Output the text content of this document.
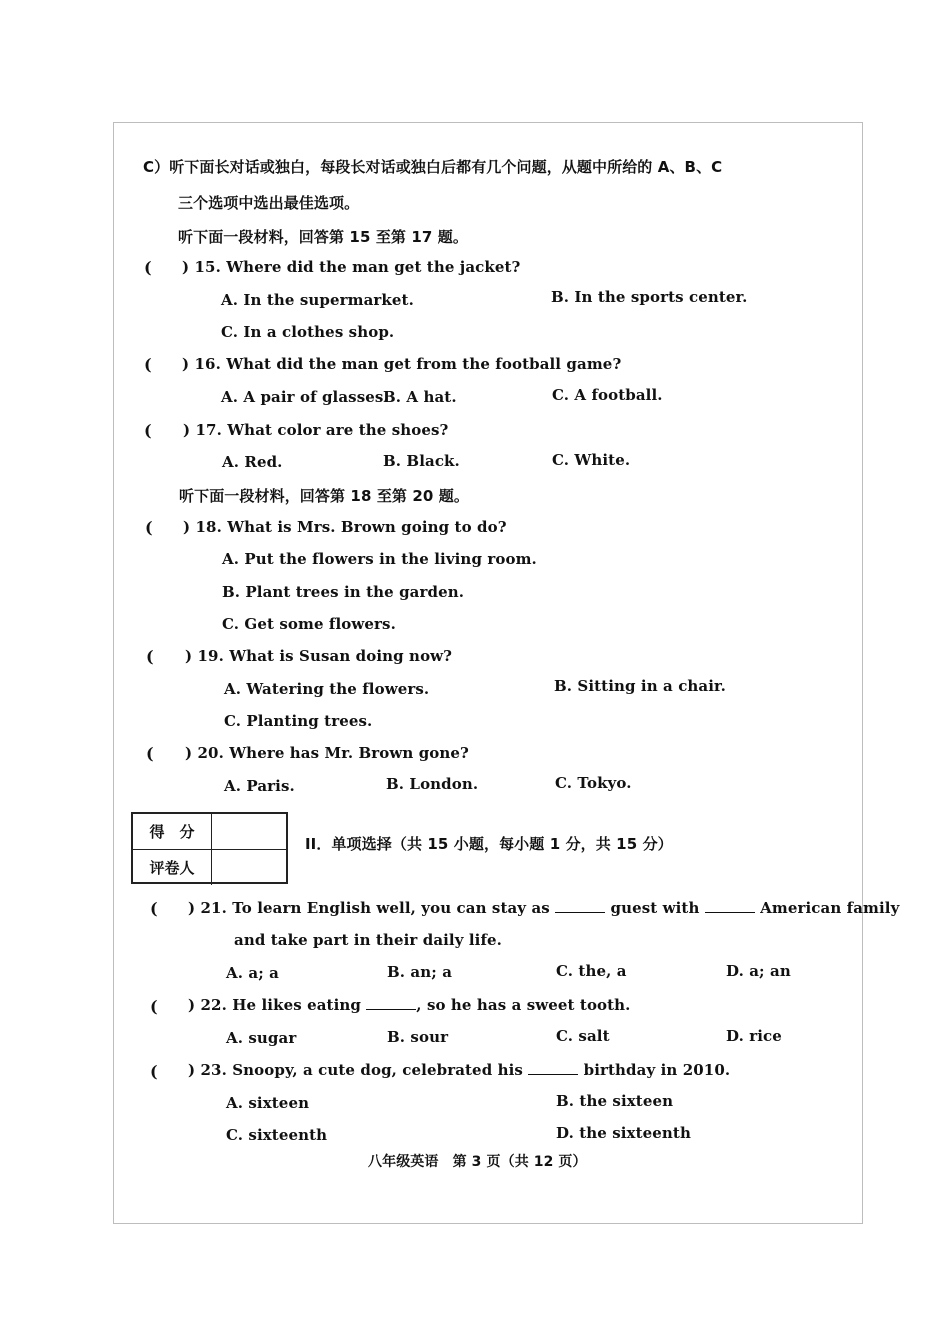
C）听下面长对话或独白，每段长对话或独白后都有几个问题，从题中所给的 A、B、C
三个选项中选出最佳选项。
听下面一段材料，回答第 15 至第 17 题。
( ) 15. Where did the man get the jacket?
A. In the supermarket.	B. In the sports center.
C. In a clothes shop.
( ) 16. What did the man get from the football game?
A. A pair of glasses.
B. A hat.	C. A football.
( ) 17. What color are the shoes?
A. Red.	B. Black.	C. White.
听下面一段材料，回答第 18 至第 20 题。
( ) 18. What is Mrs. Brown going to do?
A. Put the flowers in the living room.
B. Plant trees in the garden.
C. Get some flowers.
( ) 19. What is Susan doing now?
A. Watering the flowers.	B. Sitting in a chair.
C. Planting trees.
( ) 20. Where has Mr. Brown gone?
A. Paris.	B. London.	C. Tokyo.
得　分
评卷人
II．单项选择（共 15 小题，每小题 1 分，共 15 分）
( ) 21. To learn English well, you can stay as	guest with	American family
and take part in their daily life.
A. a; a	B. an; a	C. the, a	D. a; an
( ) 22. He likes eating	, so he has a sweet tooth.
A. sugar	B. sour	C. salt	D. rice
( ) 23. Snoopy, a cute dog, celebrated his	birthday in 2010.
A. sixteen	B. the sixteen
C. sixteenth	D. the sixteenth
八年级英语　第 3 页（共 12 页）
